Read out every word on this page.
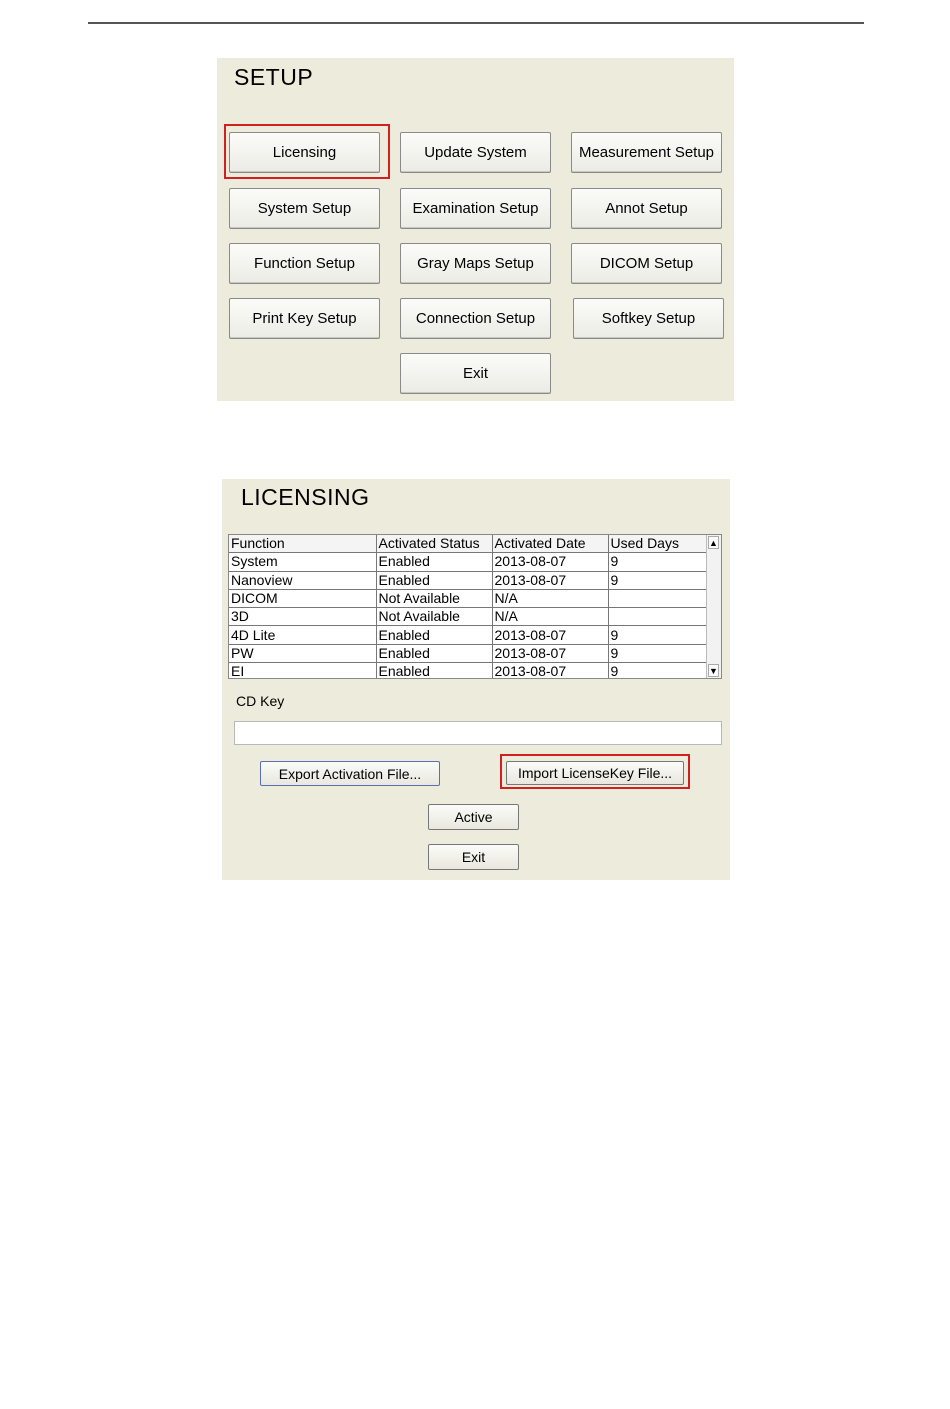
SETUP
Licensing	Update System	Measurement Setup
System Setup	Examination Setup	Annot Setup
Function Setup	Gray Maps Setup	DICOM Setup
Print Key Setup	Connection Setup	Softkey Setup
Exit
LICENSING
Function	Activated Status	Activated Date	Used Days
System	Enabled	2013-08-07	9
Nanoview	Enabled	2013-08-07	9
DICOM	Not Available	N/A	
3D	Not Available	N/A	
4D Lite	Enabled	2013-08-07	9
PW	Enabled	2013-08-07	9
EI	Enabled	2013-08-07	9
▲
▼
CD Key
Export Activation File...	Import LicenseKey File...
Active
Exit
